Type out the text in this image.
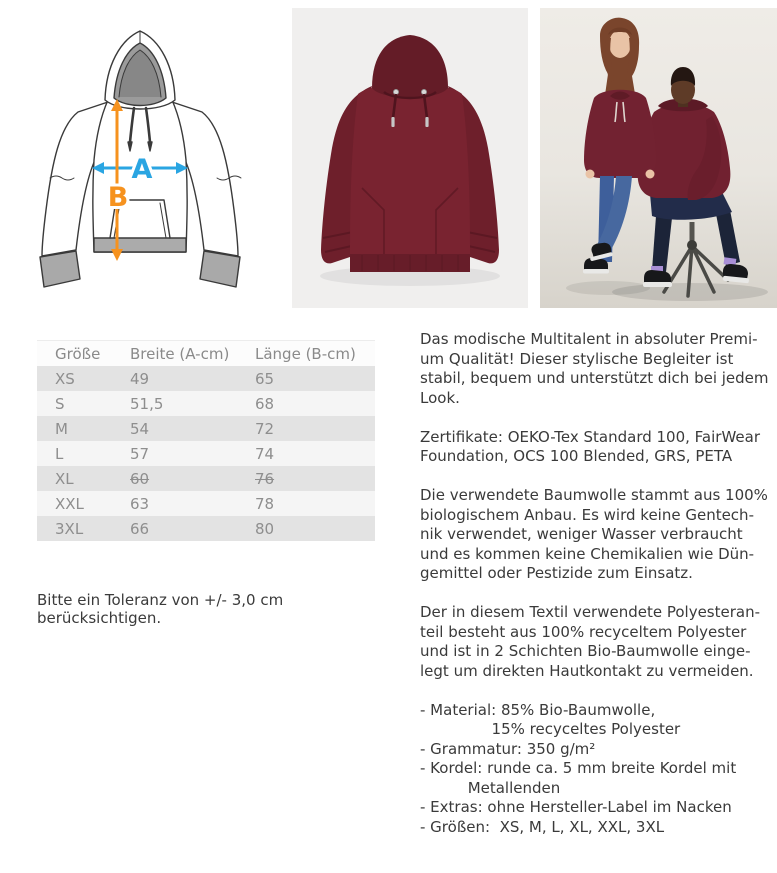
A
B
Größe	Breite (A-cm)	Länge (B-cm)
XS	49	65
S	51,5	68
M	54	72
L	57	74
XL	60	76
XXL	63	78
3XL	66	80

Bitte ein Toleranz von +/- 3,0 cm berücksichtigen.

Das modische Multitalent in absoluter Premi-
um Qualität! Dieser stylische Begleiter ist
stabil, bequem und unterstützt dich bei jedem
Look.
Zertifikate: OEKO-Tex Standard 100, FairWear
Foundation, OCS 100 Blended, GRS, PETA
Die verwendete Baumwolle stammt aus 100%
biologischem Anbau. Es wird keine Gentech-
nik verwendet, weniger Wasser verbraucht
und es kommen keine Chemikalien wie Dün-
gemittel oder Pestizide zum Einsatz.
Der in diesem Textil verwendete Polyesteran-
teil besteht aus 100% recyceltem Polyester
und ist in 2 Schichten Bio-Baumwolle einge-
legt um direkten Hautkontakt zu vermeiden.
- Material: 85% Bio-Baumwolle,
15% recyceltes Polyester
- Grammatur: 350 g/m²
- Kordel: runde ca. 5 mm breite Kordel mit
Metallenden
- Extras: ohne Hersteller-Label im Nacken
- Größen:  XS, M, L, XL, XXL, 3XL
